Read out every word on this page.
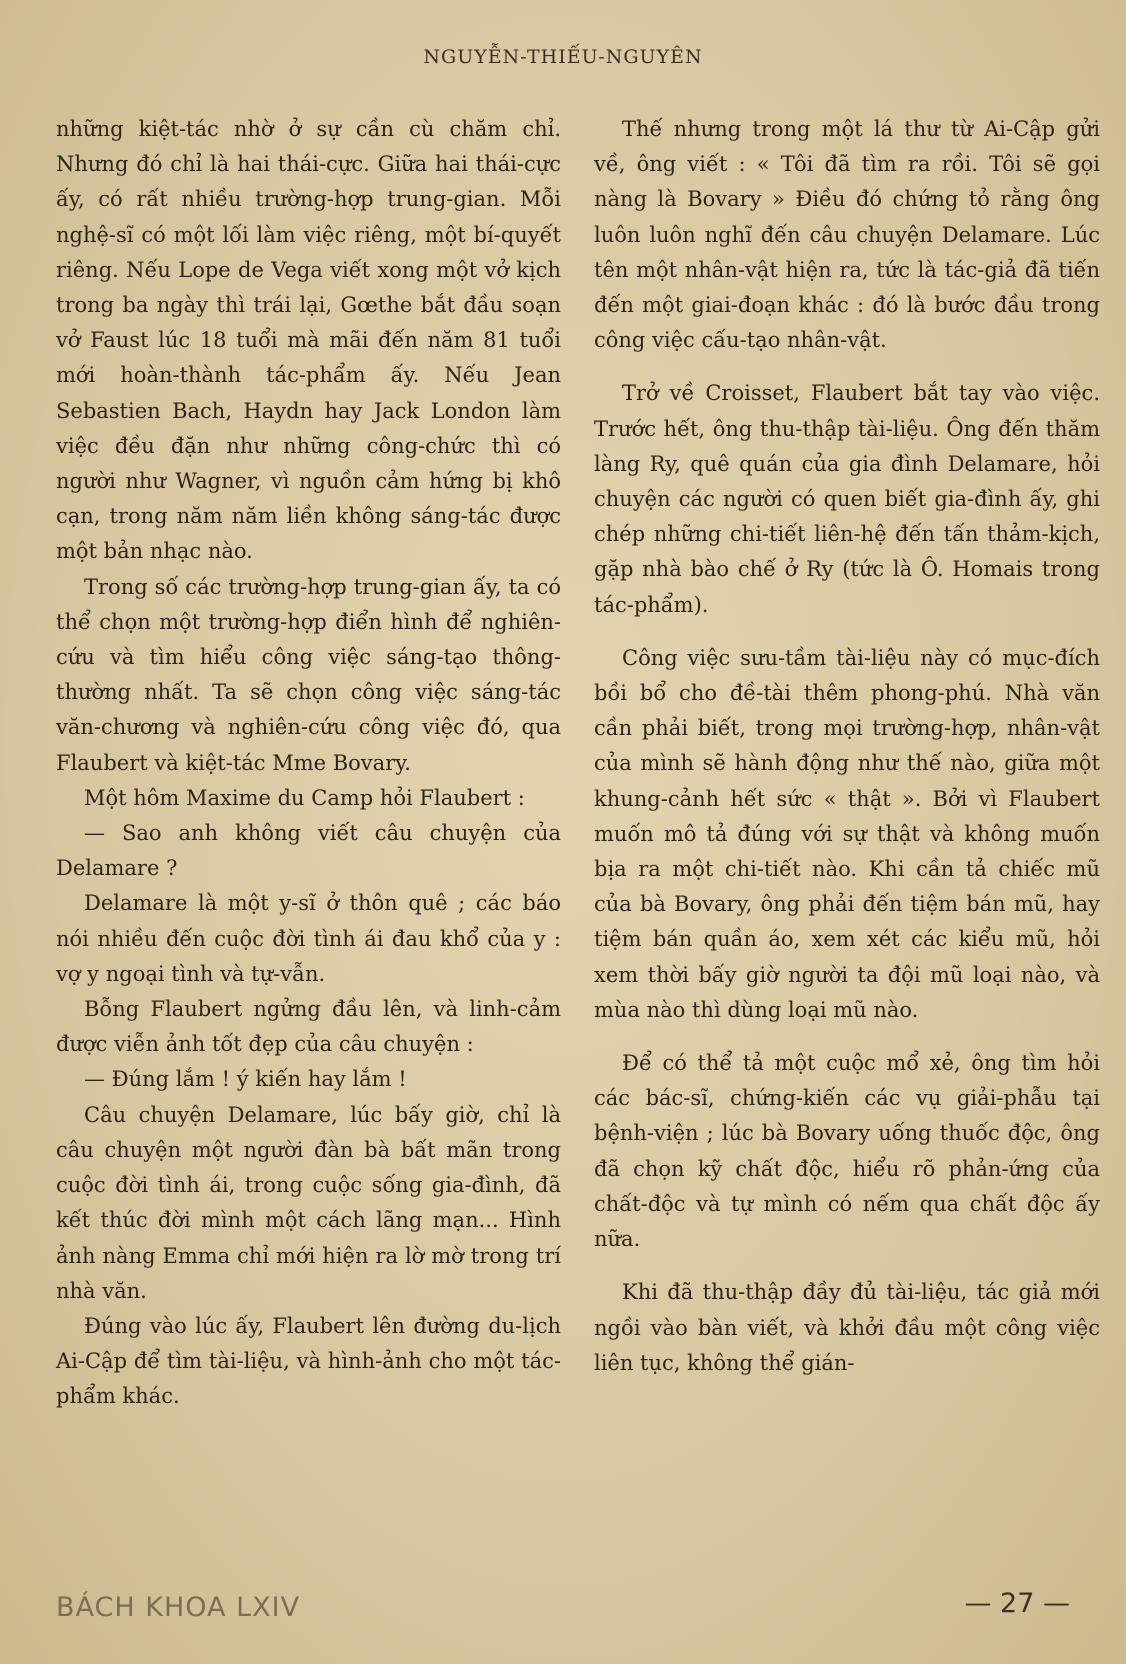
NGUYỄN-THIẾU-NGUYÊN

những kiệt-tác nhờ ở sự cần cù chăm chỉ. Nhưng đó chỉ là hai thái-cực. Giữa hai thái-cực ấy, có rất nhiều trường-hợp trung-gian. Mỗi nghệ-sĩ có một lối làm việc riêng, một bí-quyết riêng. Nếu Lope de Vega viết xong một vở kịch trong ba ngày thì trái lại, Gœthe bắt đầu soạn vở Faust lúc 18 tuổi mà mãi đến năm 81 tuổi mới hoàn-thành tác-phẩm ấy. Nếu Jean Sebastien Bach, Haydn hay Jack London làm việc đều đặn như những công-chức thì có người như Wagner, vì nguồn cảm hứng bị khô cạn, trong năm năm liền không sáng-tác được một bản nhạc nào.

Trong số các trường-hợp trung-gian ấy, ta có thể chọn một trường-hợp điển hình để nghiên-cứu và tìm hiểu công việc sáng-tạo thông-thường nhất. Ta sẽ chọn công việc sáng-tác văn-chương và nghiên-cứu công việc đó, qua Flaubert và kiệt-tác Mme Bovary.

Một hôm Maxime du Camp hỏi Flaubert :

— Sao anh không viết câu chuyện của Delamare ?

Delamare là một y-sĩ ở thôn quê ; các báo nói nhiều đến cuộc đời tình ái đau khổ của y : vợ y ngoại tình và tự-vẫn.

Bỗng Flaubert ngửng đầu lên, và linh-cảm được viễn ảnh tốt đẹp của câu chuyện :

— Đúng lắm ! ý kiến hay lắm !

Câu chuyện Delamare, lúc bấy giờ, chỉ là câu chuyện một người đàn bà bất mãn trong cuộc đời tình ái, trong cuộc sống gia-đình, đã kết thúc đời mình một cách lãng mạn... Hình ảnh nàng Emma chỉ mới hiện ra lờ mờ trong trí nhà văn.

Đúng vào lúc ấy, Flaubert lên đường du-lịch Ai-Cập để tìm tài-liệu, và hình-ảnh cho một tác-phẩm khác.

Thế nhưng trong một lá thư từ Ai-Cập gửi về, ông viết : « Tôi đã tìm ra rồi. Tôi sẽ gọi nàng là Bovary » Điều đó chứng tỏ rằng ông luôn luôn nghĩ đến câu chuyện Delamare. Lúc tên một nhân-vật hiện ra, tức là tác-giả đã tiến đến một giai-đoạn khác : đó là bước đầu trong công việc cấu-tạo nhân-vật.

Trở về Croisset, Flaubert bắt tay vào việc. Trước hết, ông thu-thập tài-liệu. Ông đến thăm làng Ry, quê quán của gia đình Delamare, hỏi chuyện các người có quen biết gia-đình ấy, ghi chép những chi-tiết liên-hệ đến tấn thảm-kịch, gặp nhà bào chế ở Ry (tức là Ô. Homais trong tác-phẩm).

Công việc sưu-tầm tài-liệu này có mục-đích bồi bổ cho đề-tài thêm phong-phú. Nhà văn cần phải biết, trong mọi trường-hợp, nhân-vật của mình sẽ hành động như thế nào, giữa một khung-cảnh hết sức « thật ». Bởi vì Flaubert muốn mô tả đúng với sự thật và không muốn bịa ra một chi-tiết nào. Khi cần tả chiếc mũ của bà Bovary, ông phải đến tiệm bán mũ, hay tiệm bán quần áo, xem xét các kiểu mũ, hỏi xem thời bấy giờ người ta đội mũ loại nào, và mùa nào thì dùng loại mũ nào.

Để có thể tả một cuộc mổ xẻ, ông tìm hỏi các bác-sĩ, chứng-kiến các vụ giải-phẫu tại bệnh-viện ; lúc bà Bovary uống thuốc độc, ông đã chọn kỹ chất độc, hiểu rõ phản-ứng của chất-độc và tự mình có nếm qua chất độc ấy nữa.

Khi đã thu-thập đầy đủ tài-liệu, tác giả mới ngồi vào bàn viết, và khởi đầu một công việc liên tục, không thể gián-

BÁCH KHOA LXIV	— 27 —
